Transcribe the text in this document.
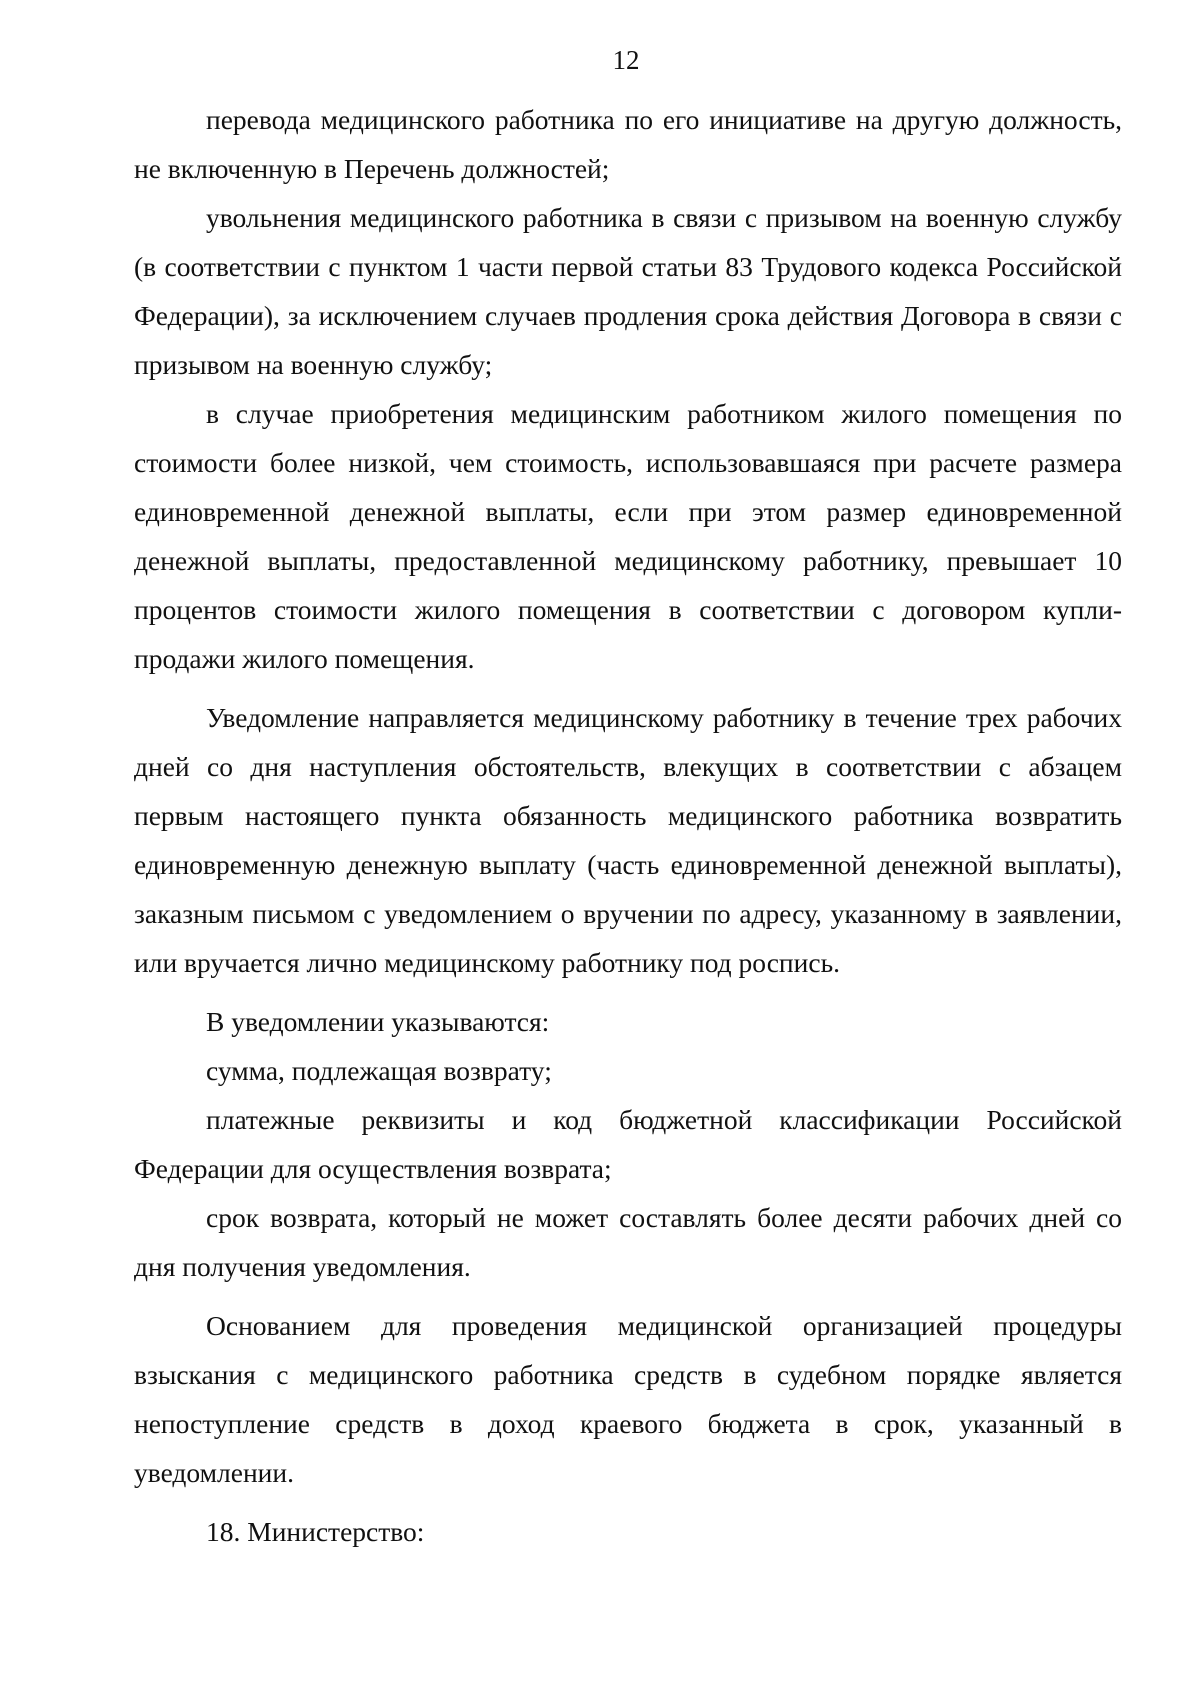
12

перевода медицинского работника по его инициативе на другую должность, не включенную в Перечень должностей;

увольнения медицинского работника в связи с призывом на военную службу (в соответствии с пунктом 1 части первой статьи 83 Трудового кодекса Российской Федерации), за исключением случаев продления срока действия Договора в связи с призывом на военную службу;

в случае приобретения медицинским работником жилого помещения по стоимости более низкой, чем стоимость, использовавшаяся при расчете размера единовременной денежной выплаты, если при этом размер единовременной денежной выплаты, предоставленной медицинскому работнику, превышает 10 процентов стоимости жилого помещения в соответствии с договором купли-продажи жилого помещения.

Уведомление направляется медицинскому работнику в течение трех рабочих дней со дня наступления обстоятельств, влекущих в соответствии с абзацем первым настоящего пункта обязанность медицинского работника возвратить единовременную денежную выплату (часть единовременной денежной выплаты), заказным письмом с уведомлением о вручении по адресу, указанному в заявлении, или вручается лично медицинскому работнику под роспись.

В уведомлении указываются:

сумма, подлежащая возврату;

платежные реквизиты и код бюджетной классификации Российской Федерации для осуществления возврата;

срок возврата, который не может составлять более десяти рабочих дней со дня получения уведомления.

Основанием для проведения медицинской организацией процедуры взыскания с медицинского работника средств в судебном порядке является непоступление средств в доход краевого бюджета в срок, указанный в уведомлении.

18. Министерство:
